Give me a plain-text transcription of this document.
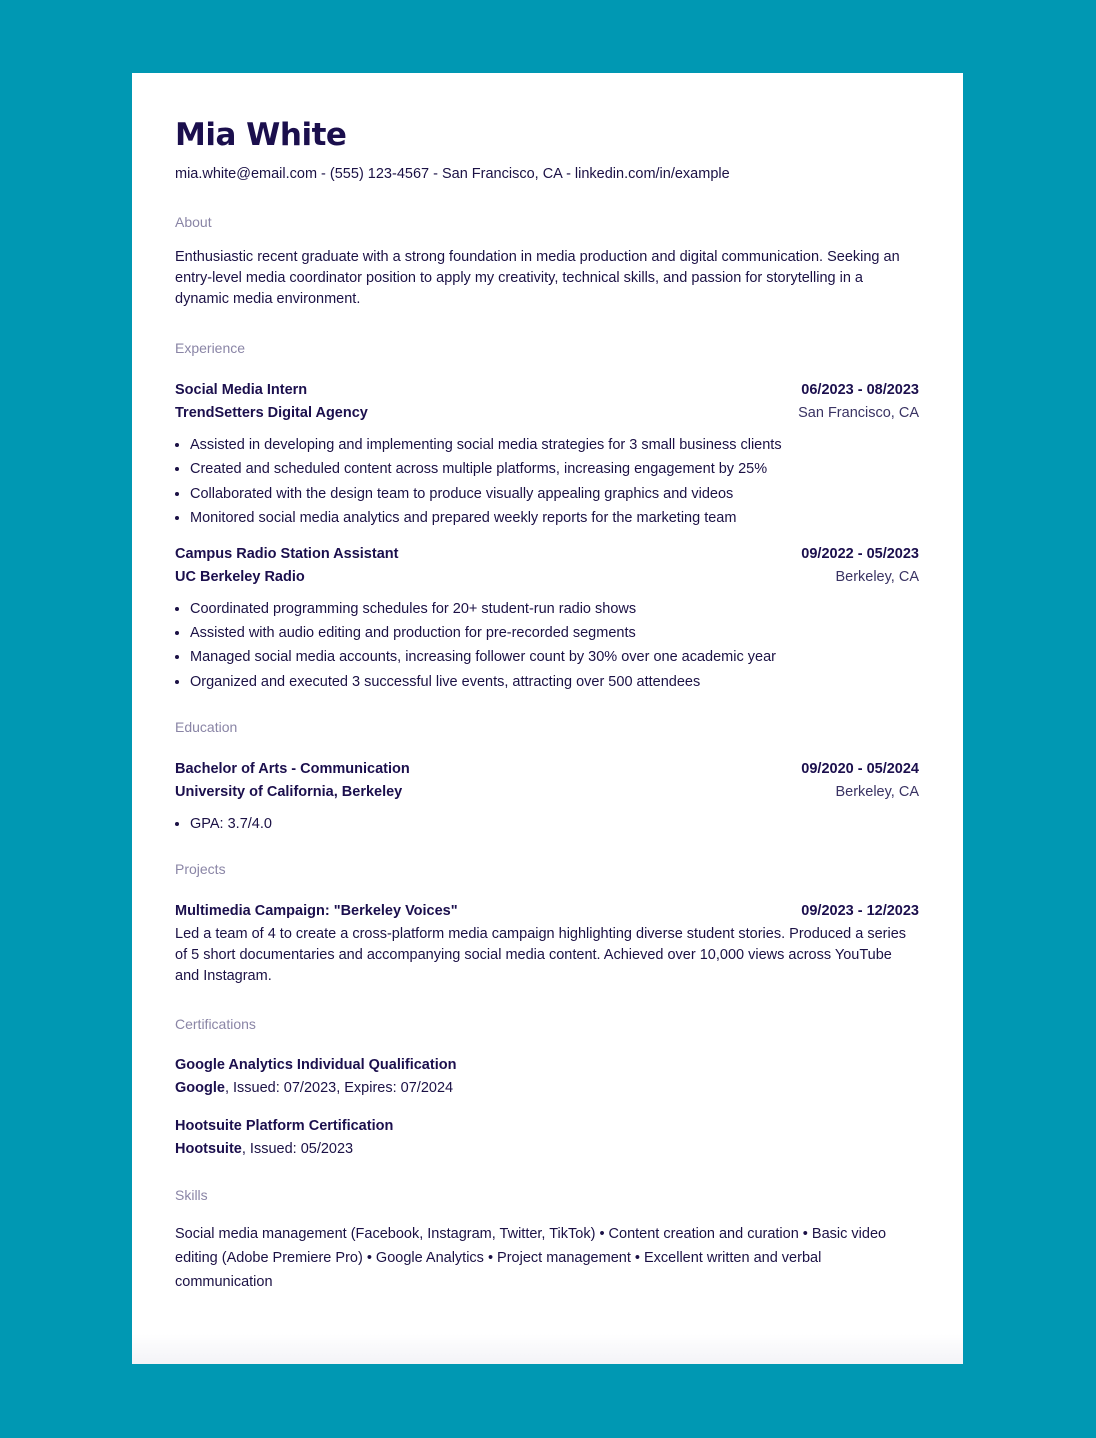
Mia White
mia.white@email.com - (555) 123-4567 - San Francisco, CA - linkedin.com/in/example
About

Enthusiastic recent graduate with a strong foundation in media production and digital communication. Seeking an entry-level media coordinator position to apply my creativity, technical skills, and passion for storytelling in a dynamic media environment.

Experience
Social Media Intern	06/2023 - 08/2023
TrendSetters Digital Agency	San Francisco, CA
• Assisted in developing and implementing social media strategies for 3 small business clients
• Created and scheduled content across multiple platforms, increasing engagement by 25%
• Collaborated with the design team to produce visually appealing graphics and videos
• Monitored social media analytics and prepared weekly reports for the marketing team
Campus Radio Station Assistant	09/2022 - 05/2023
UC Berkeley Radio	Berkeley, CA
• Coordinated programming schedules for 20+ student-run radio shows
• Assisted with audio editing and production for pre-recorded segments
• Managed social media accounts, increasing follower count by 30% over one academic year
• Organized and executed 3 successful live events, attracting over 500 attendees
Education
Bachelor of Arts - Communication	09/2020 - 05/2024
University of California, Berkeley	Berkeley, CA
• GPA: 3.7/4.0
Projects
Multimedia Campaign: "Berkeley Voices"	09/2023 - 12/2023

Led a team of 4 to create a cross-platform media campaign highlighting diverse student stories. Produced a series of 5 short documentaries and accompanying social media content. Achieved over 10,000 views across YouTube and Instagram.

Certifications
Google Analytics Individual Qualification
Google, Issued: 07/2023, Expires: 07/2024
Hootsuite Platform Certification
Hootsuite, Issued: 05/2023
Skills
Social media management (Facebook, Instagram, Twitter, TikTok) • Content creation and curation • Basic video editing (Adobe Premiere Pro) • Google Analytics • Project management • Excellent written and verbal communication
